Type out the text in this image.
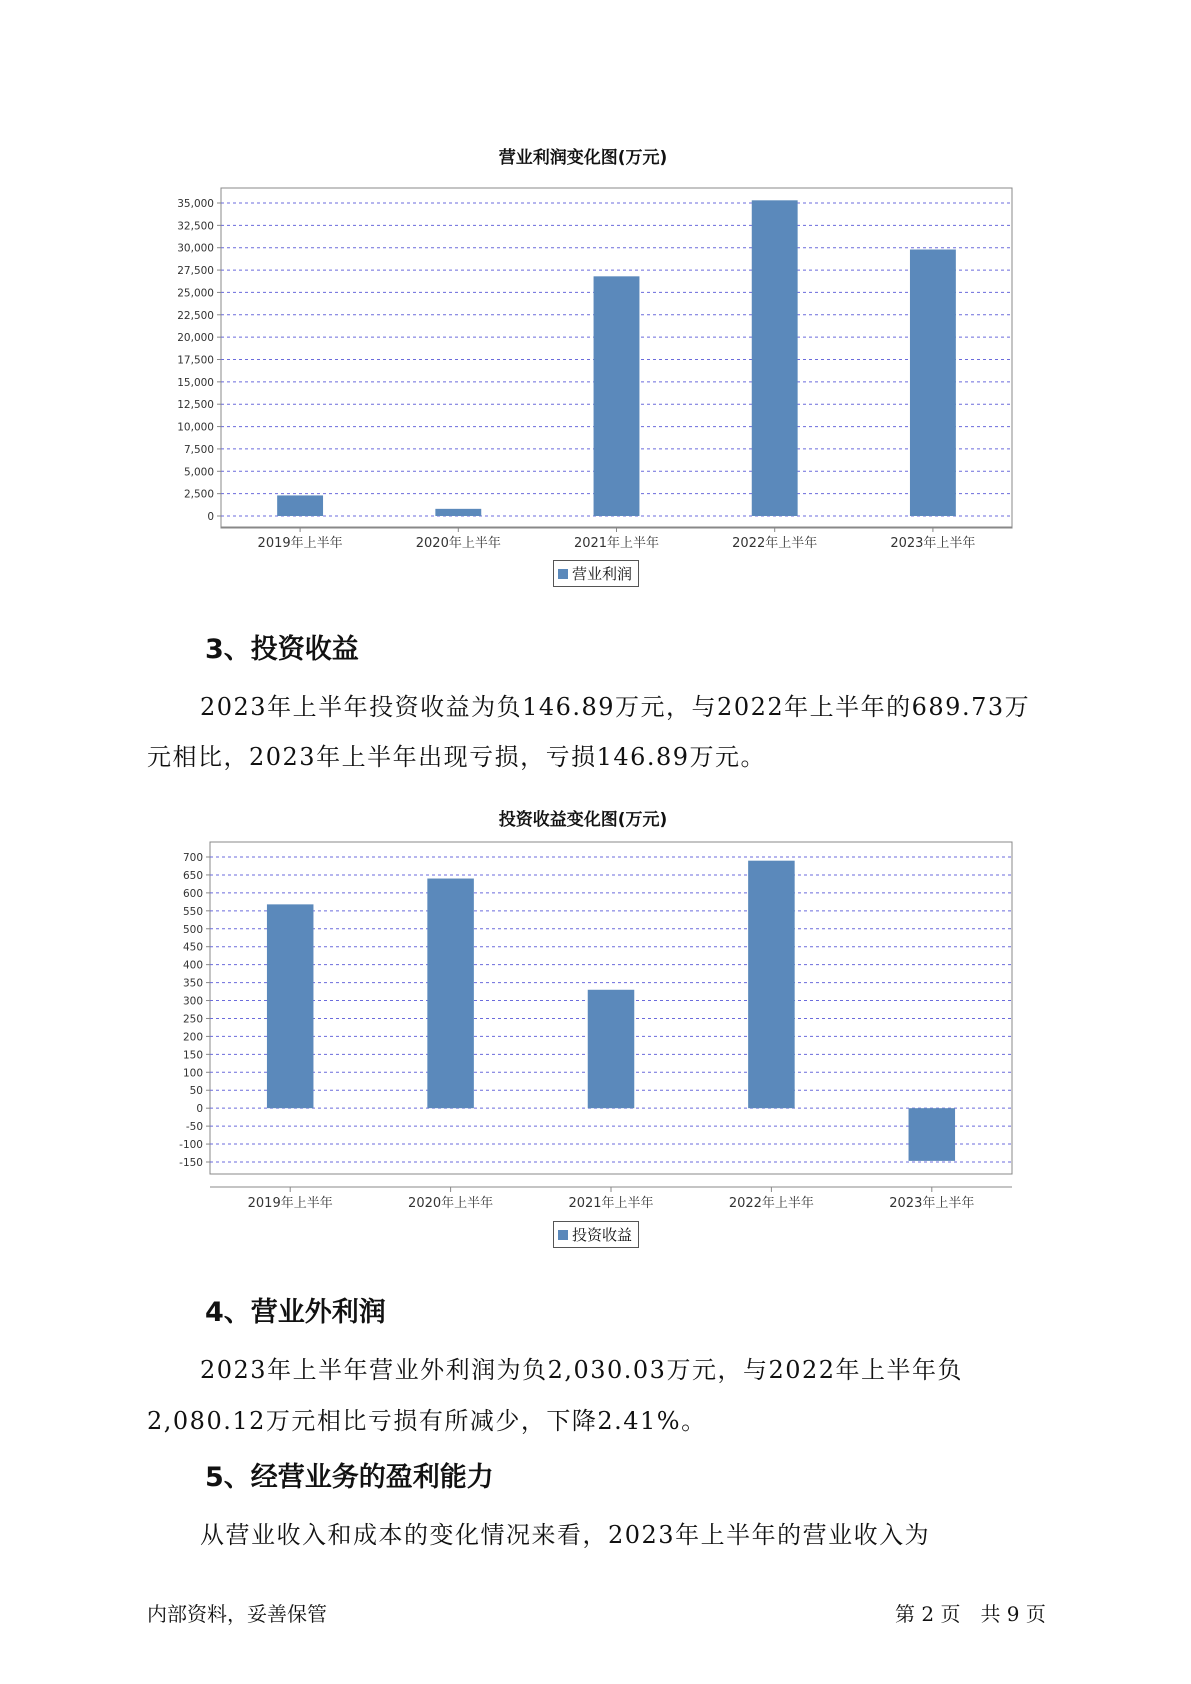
营业利润变化图(万元)
0
2,500
5,000
7,500
10,000
12,500
15,000
17,500
20,000
22,500
25,000
27,500
30,000
32,500
35,000
2019年上半年	2020年上半年	2021年上半年	2022年上半年	2023年上半年
营业利润
3、投资收益
2023年上半年投资收益为负146.89万元，与2022年上半年的689.73万
元相比，2023年上半年出现亏损，亏损146.89万元。
投资收益变化图(万元)
-150
-100
-50
0
50
100
150
200
250
300
350
400
450
500
550
600
650
700
2019年上半年	2020年上半年	2021年上半年	2022年上半年	2023年上半年
投资收益
4、营业外利润
2023年上半年营业外利润为负2,030.03万元，与2022年上半年负
2,080.12万元相比亏损有所减少，下降2.41%。
5、经营业务的盈利能力
从营业收入和成本的变化情况来看，2023年上半年的营业收入为
内部资料，妥善保管	第 2 页　共 9 页
